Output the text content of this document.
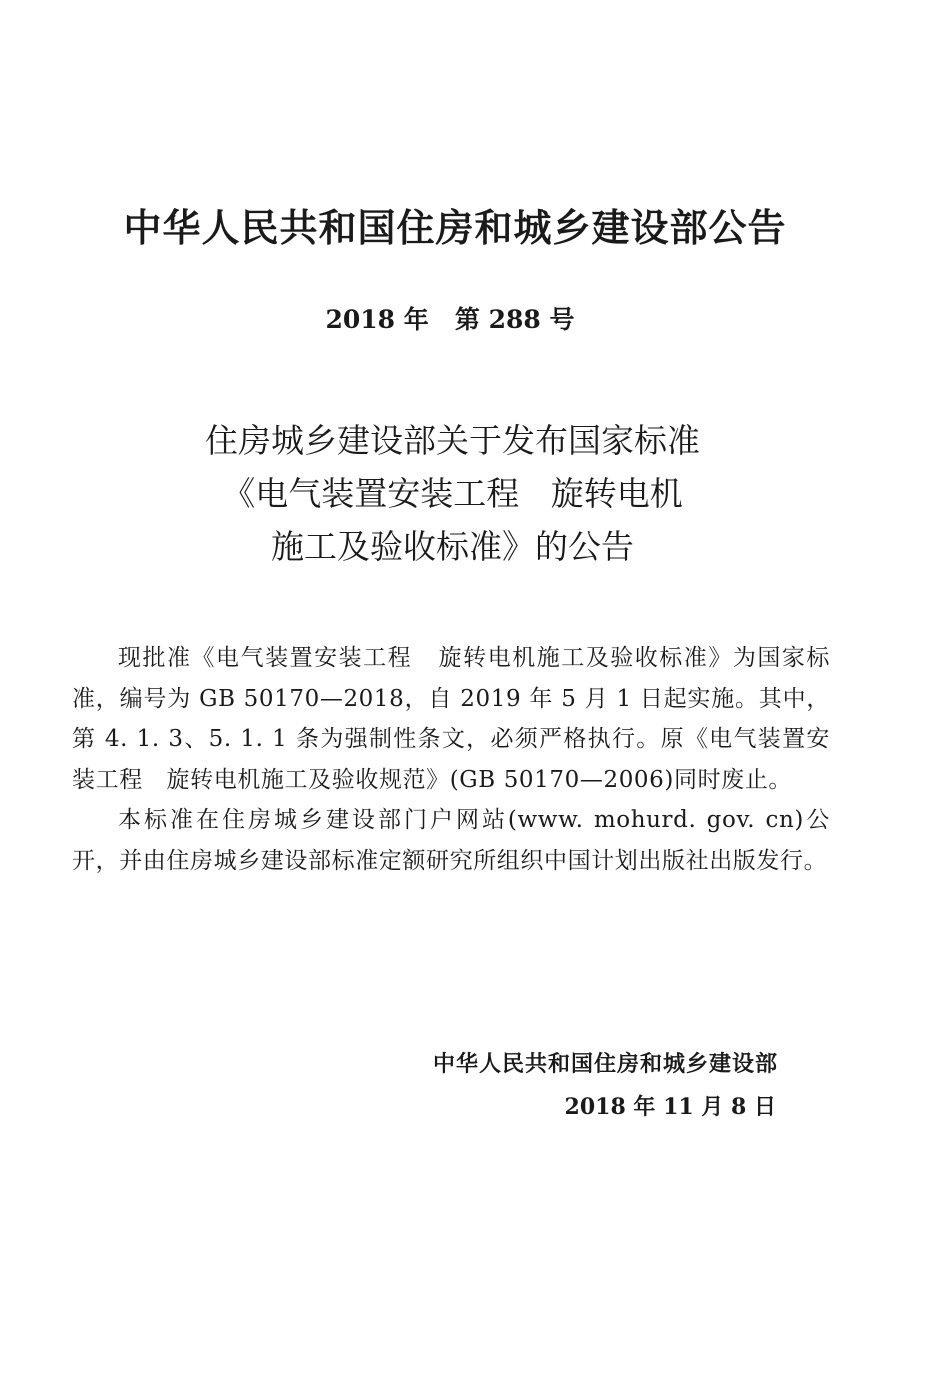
中华人民共和国住房和城乡建设部公告
2018 年   第 288 号
住房城乡建设部关于发布国家标准
《电气装置安装工程   旋转电机
施工及验收标准》的公告

现批准《电气装置安装工程   旋转电机施工及验收标准》为国家标准，编号为 GB 50170—2018，自 2019 年 5 月 1 日起实施。其中，第 4. 1. 3、5. 1. 1 条为强制性条文，必须严格执行。原《电气装置安装工程   旋转电机施工及验收规范》(GB 50170—2006)同时废止。

本标准在住房城乡建设部门户网站(www. mohurd. gov. cn)公开，并由住房城乡建设部标准定额研究所组织中国计划出版社出版发行。

中华人民共和国住房和城乡建设部
2018 年 11 月 8 日
